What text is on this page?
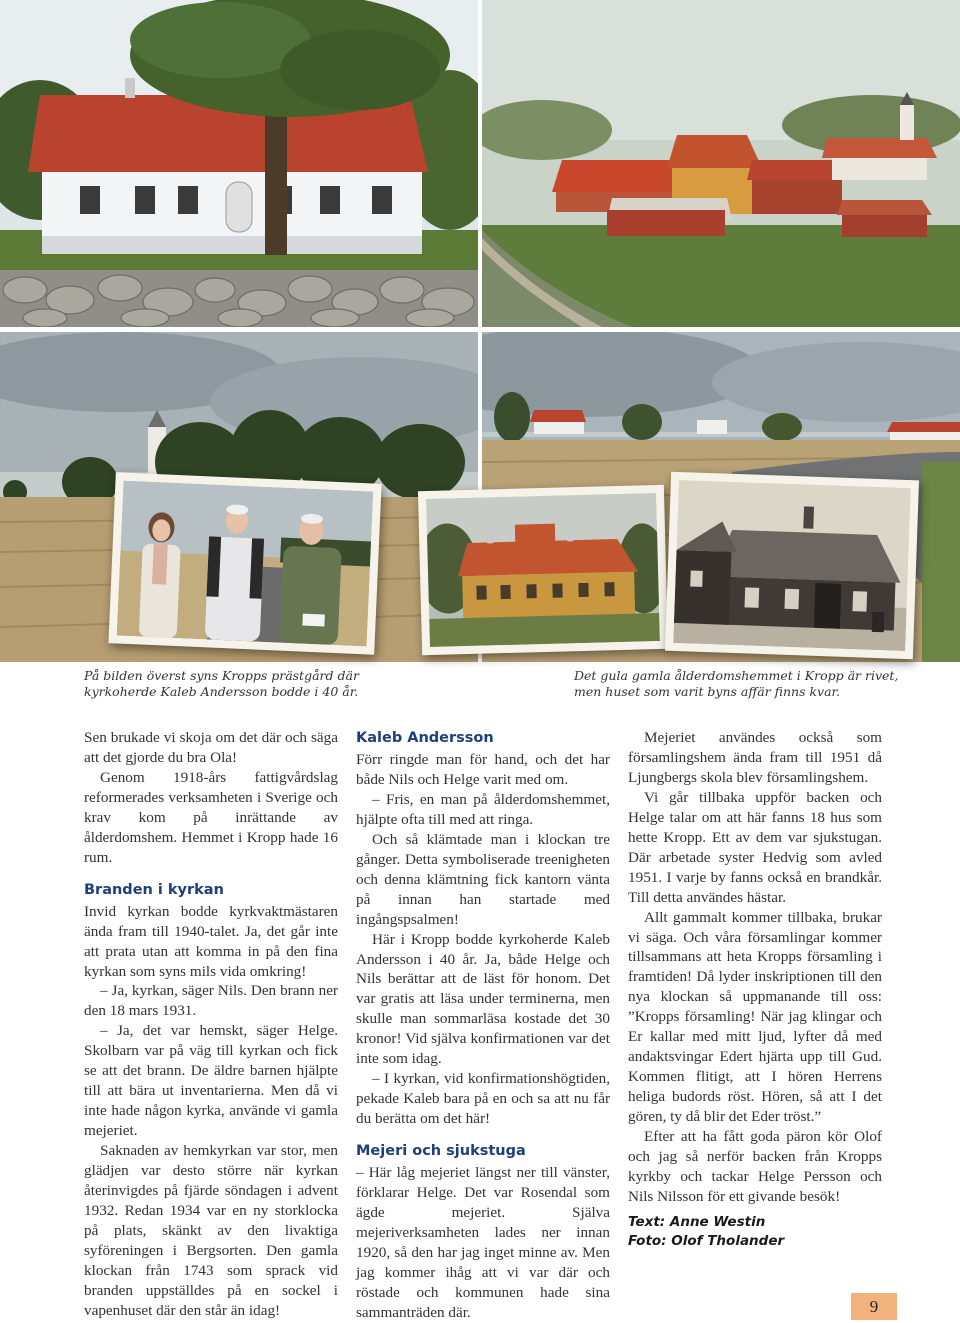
På bilden överst syns Kropps prästgård där kyrkoherde Kaleb Andersson bodde i 40 år.
Det gula gamla ålderdomshemmet i Kropp är rivet, men huset som varit byns affär finns kvar.

Sen brukade vi skoja om det där och säga att det gjorde du bra Ola!

Genom 1918-års fattigvårdslag reformerades verksamheten i Sverige och krav kom på inrättande av ålderdomshem. Hemmet i Kropp hade 16 rum.

Branden i kyrkan

Invid kyrkan bodde kyrkvaktmästaren ända fram till 1940-talet. Ja, det går inte att prata utan att komma in på den fina kyrkan som syns mils vida omkring!

– Ja, kyrkan, säger Nils. Den brann ner den 18 mars 1931.

– Ja, det var hemskt, säger Helge. Skolbarn var på väg till kyrkan och fick se att det brann. De äldre barnen hjälpte till att bära ut inventarierna. Men då vi inte hade någon kyrka, använde vi gamla mejeriet.

Saknaden av hemkyrkan var stor, men glädjen var desto större när kyrkan återinvigdes på fjärde söndagen i advent 1932. Redan 1934 var en ny storklocka på plats, skänkt av den livaktiga syföreningen i Bergsorten. Den gamla klockan från 1743 som sprack vid branden uppställdes på en sockel i vapenhuset där den står än idag!

Kaleb Andersson

Förr ringde man för hand, och det har både Nils och Helge varit med om.

– Fris, en man på ålderdomshemmet, hjälpte ofta till med att ringa.

Och så klämtade man i klockan tre gånger. Detta symboliserade treenigheten och denna klämtning fick kantorn vänta på innan han startade med ingångspsalmen!

Här i Kropp bodde kyrkoherde Kaleb Andersson i 40 år. Ja, både Helge och Nils berättar att de läst för honom. Det var gratis att läsa under terminerna, men skulle man sommarläsa kostade det 30 kronor! Vid själva konfirmationen var det inte som idag.

– I kyrkan, vid konfirmationshögtiden, pekade Kaleb bara på en och sa att nu får du berätta om det här!

Mejeri och sjukstuga

– Här låg mejeriet längst ner till vänster, förklarar Helge. Det var Rosendal som ägde mejeriet. Själva mejeriverksamheten lades ner innan 1920, så den har jag inget minne av. Men jag kommer ihåg att vi var där och röstade och kommunen hade sina sammanträden där.

Mejeriet användes också som församlingshem ända fram till 1951 då Ljungbergs skola blev församlingshem.

Vi går tillbaka uppför backen och Helge talar om att här fanns 18 hus som hette Kropp. Ett av dem var sjukstugan. Där arbetade syster Hedvig som avled 1951. I varje by fanns också en brandkår. Till detta användes hästar.

Allt gammalt kommer tillbaka, brukar vi säga. Och våra församlingar kommer tillsammans att heta Kropps församling i framtiden! Då lyder inskriptionen till den nya klockan så uppmanande till oss: ”Kropps församling! När jag klingar och Er kallar med mitt ljud, lyfter då med andaktsvingar Edert hjärta upp till Gud. Kommen flitigt, att I hören Herrens heliga budords röst. Hören, så att I det gören, ty då blir det Eder tröst.”

Efter att ha fått goda päron kör Olof och jag så nerför backen från Kropps kyrkby och tackar Helge Persson och Nils Nilsson för ett givande besök!

Text: Anne Westin
Foto: Olof Tholander
9
